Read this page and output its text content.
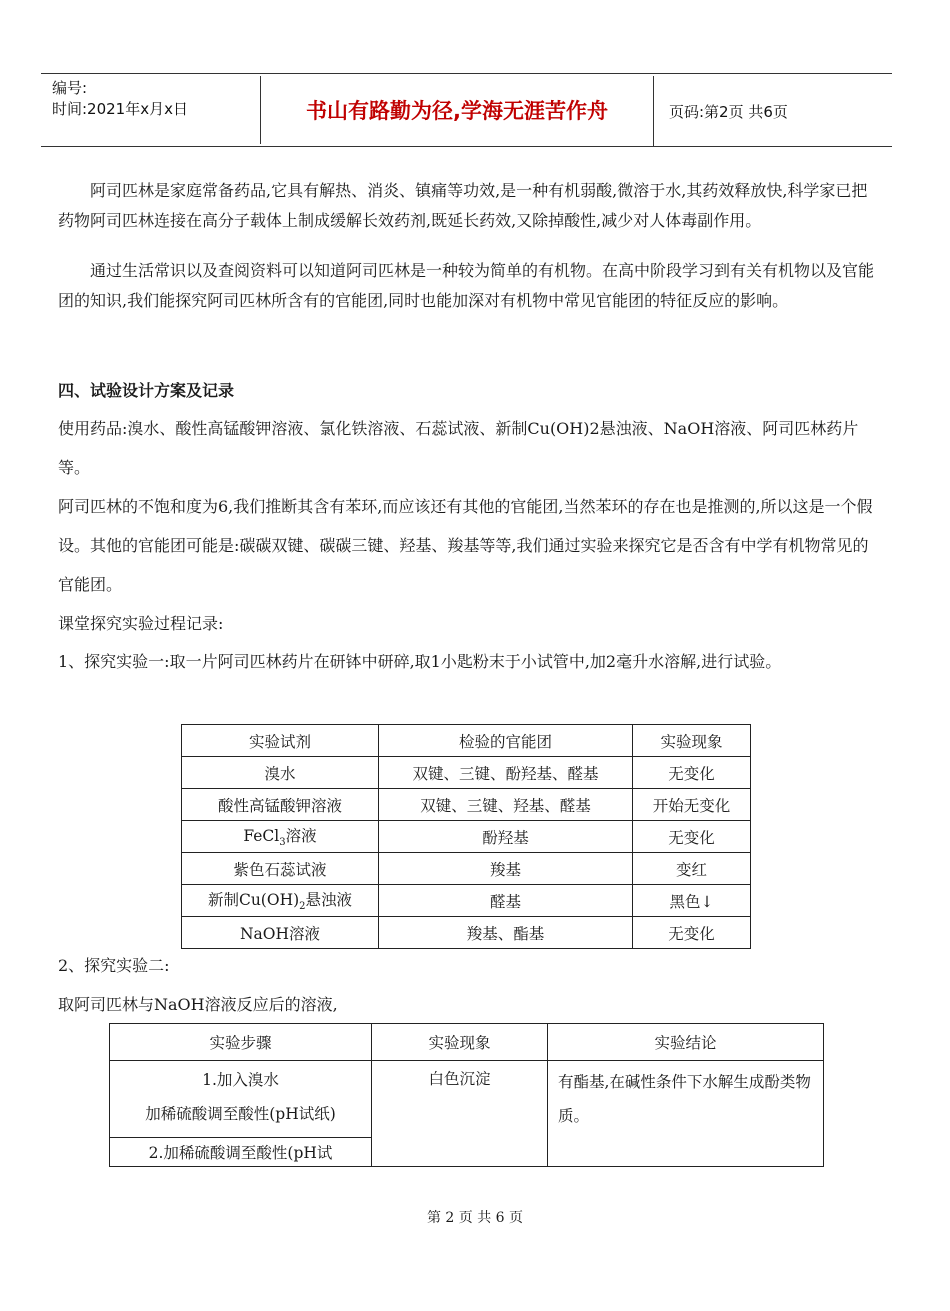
编号:
时间:2021年x月x日	书山有路勤为径,学海无涯苦作舟	页码:第2页 共6页

阿司匹林是家庭常备药品,它具有解热、消炎、镇痛等功效,是一种有机弱酸,微溶于水,其药效释放快,科学家已把药物阿司匹林连接在高分子载体上制成缓解长效药剂,既延长药效,又除掉酸性,减少对人体毒副作用。

通过生活常识以及查阅资料可以知道阿司匹林是一种较为简单的有机物。在高中阶段学习到有关有机物以及官能团的知识,我们能探究阿司匹林所含有的官能团,同时也能加深对有机物中常见官能团的特征反应的影响。

四、试验设计方案及记录

使用药品:溴水、酸性高锰酸钾溶液、氯化铁溶液、石蕊试液、新制Cu(OH)2悬浊液、NaOH溶液、阿司匹林药片等。

阿司匹林的不饱和度为6,我们推断其含有苯环,而应该还有其他的官能团,当然苯环的存在也是推测的,所以这是一个假设。其他的官能团可能是:碳碳双键、碳碳三键、羟基、羧基等等,我们通过实验来探究它是否含有中学有机物常见的官能团。

课堂探究实验过程记录:

1、探究实验一:取一片阿司匹林药片在研钵中研碎,取1小匙粉末于小试管中,加2毫升水溶解,进行试验。

实验试剂	检验的官能团	实验现象
溴水	双键、三键、酚羟基、醛基	无变化
酸性高锰酸钾溶液	双键、三键、羟基、醛基	开始无变化
FeCl$_3$溶液	酚羟基	无变化
紫色石蕊试液	羧基	变红
新制$Cu(OH)_2$悬浊液	醛基	黑色↓
NaOH溶液	羧基、酯基	无变化

2、探究实验二:

取阿司匹林与NaOH溶液反应后的溶液,

实验步骤	实验现象	实验结论

1.加入溴水
加稀硫酸调至酸性(pH试纸)	白色沉淀	有酯基,在碱性条件下水解生成酚类物质。
2.加稀硫酸调至酸性(pH试		
第 2 页 共 6 页
